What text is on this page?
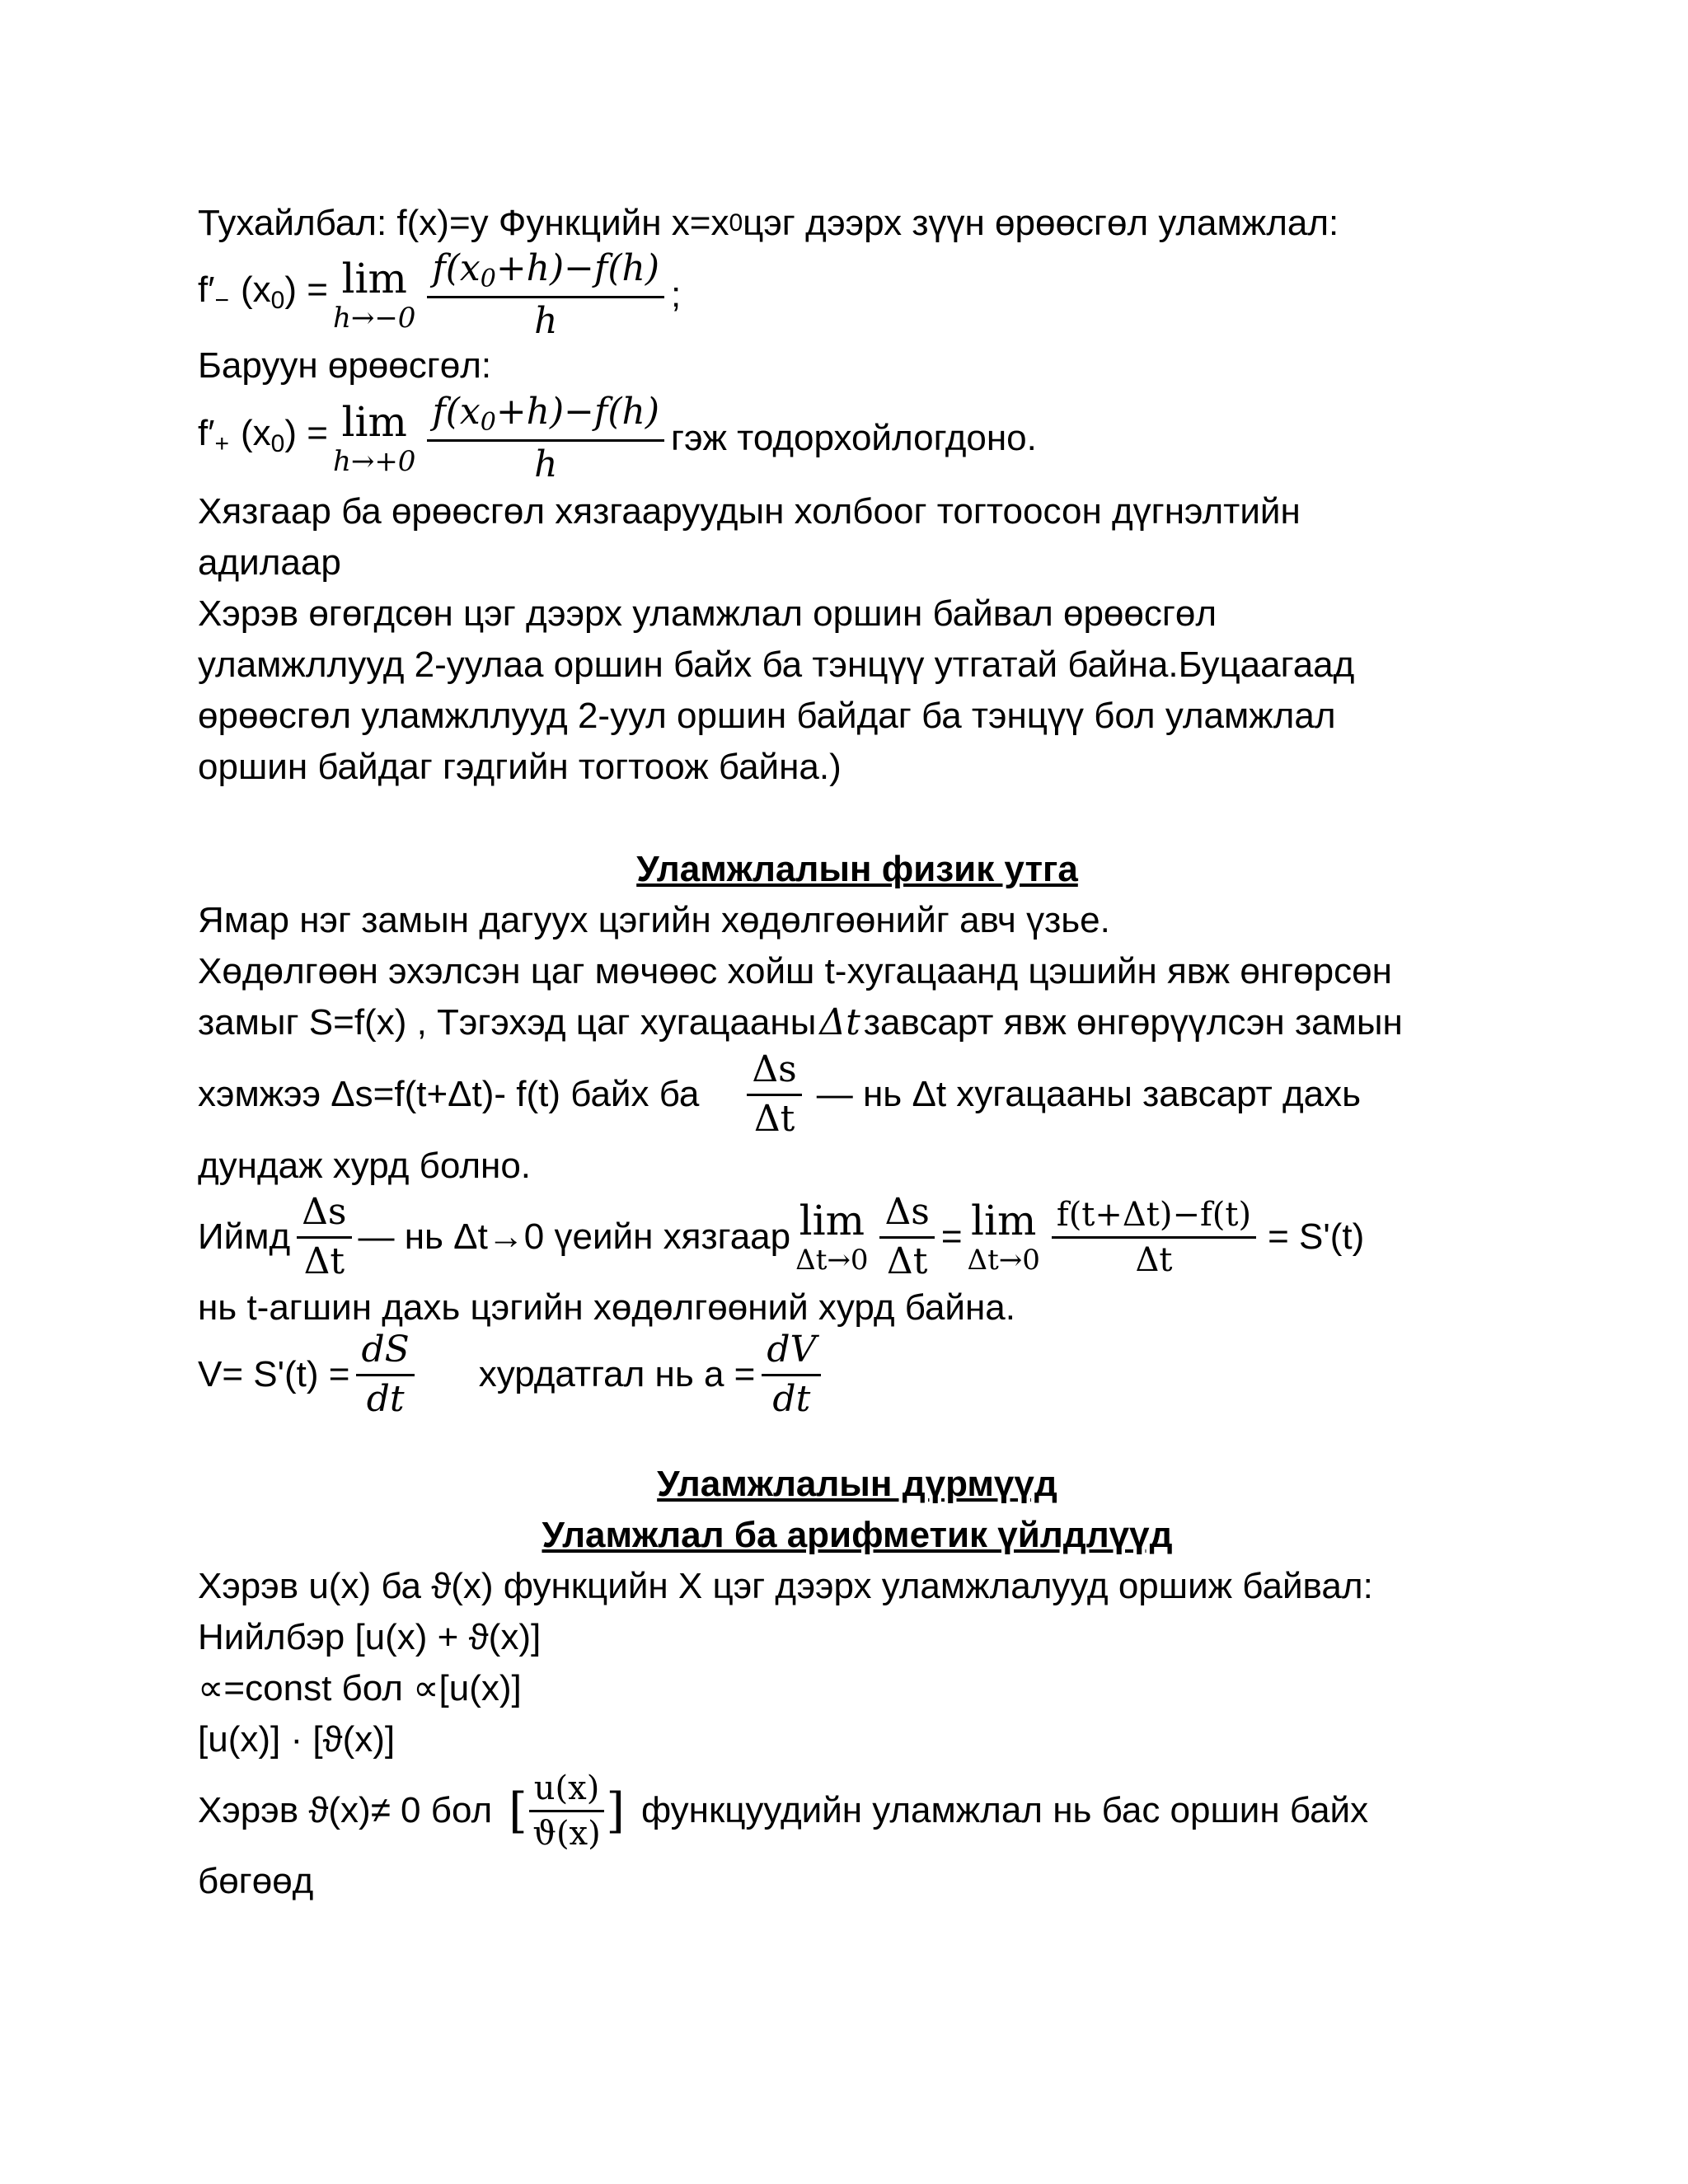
Тухайлбал: f(x)=y Функцийн x=x 0 цэг дээрх зүүн өрөөсгөл уламжлал:
$f'_-$ $(x_0) = \lim$
$h\to-0 \frac{f(x_0+h)-f(h)}{h}$ ;
Баруун өрөөсгөл:
$f'_+$ $(x_0) = \lim$
$h\to+0 \frac{f(x_0+h)-f(h)}{h}$ гэж тодорхойлогдоно.
Хязгаар ба өрөөсгөл хязгааруудын холбоог тогтоосон дүгнэлтийн
адилаар
Хэрэв өгөгдсөн цэг дээрх уламжлал оршин байвал өрөөсгөл
уламжллууд 2-уулаа оршин байх ба тэнцүү утгатай байна.Буцаагаад
өрөөсгөл уламжллууд 2-уул оршин байдаг ба тэнцүү бол уламжлал
оршин байдаг гэдгийн тогтоож байна.)
Уламжлалын физик утга
Ямар нэг замын дагуух цэгийн хөдөлгөөнийг авч үзье.
Хөдөлгөөн эхэлсэн цаг мөчөөс хойш t-хугацаанд цэшийн явж өнгөрсөн
замыг S=f(x) , Тэгэхэд цаг хугацааны Δt завсарт явж өнгөрүүлсэн замын
хэмжээ Δs=f(t+Δt)- f(t) байх ба $\frac{\Delta s}{\Delta t}$ — нь Δt хугацааны завсарт дахь
дундаж хурд болно.
Иймд $\frac{\Delta s}{\Delta t}$ — нь Δt→0 үеийн хязгаар lim
$\Delta t\to 0 \frac{\Delta s}{\Delta t} = \lim$
$\Delta t\to 0 \frac{f(t+\Delta t)-f(t)}{\Delta t} = S'(t)$
нь t-агшин дахь цэгийн хөдөлгөөний хурд байна.
$V= S'(t) = \frac{dS}{dt}$ хурдатгал нь $a = \frac{dV}{dt}$
Уламжлалын дүрмүүд
Уламжлал ба арифметик үйлдлүүд
Хэрэв u(x) ба ϑ(x) функцийн X цэг дээрх уламжлалууд оршиж байвал:
Нийлбэр [u(x) + ϑ(x)]
∝=const бол ∝[u(x)]
[u(x)] · [ϑ(x)]
Хэрэв ϑ(x)≠ 0 бол [ $\frac{u(x)}{ϑ(x)}$ ] функцуудийн уламжлал нь бас оршин байх
бөгөөд
